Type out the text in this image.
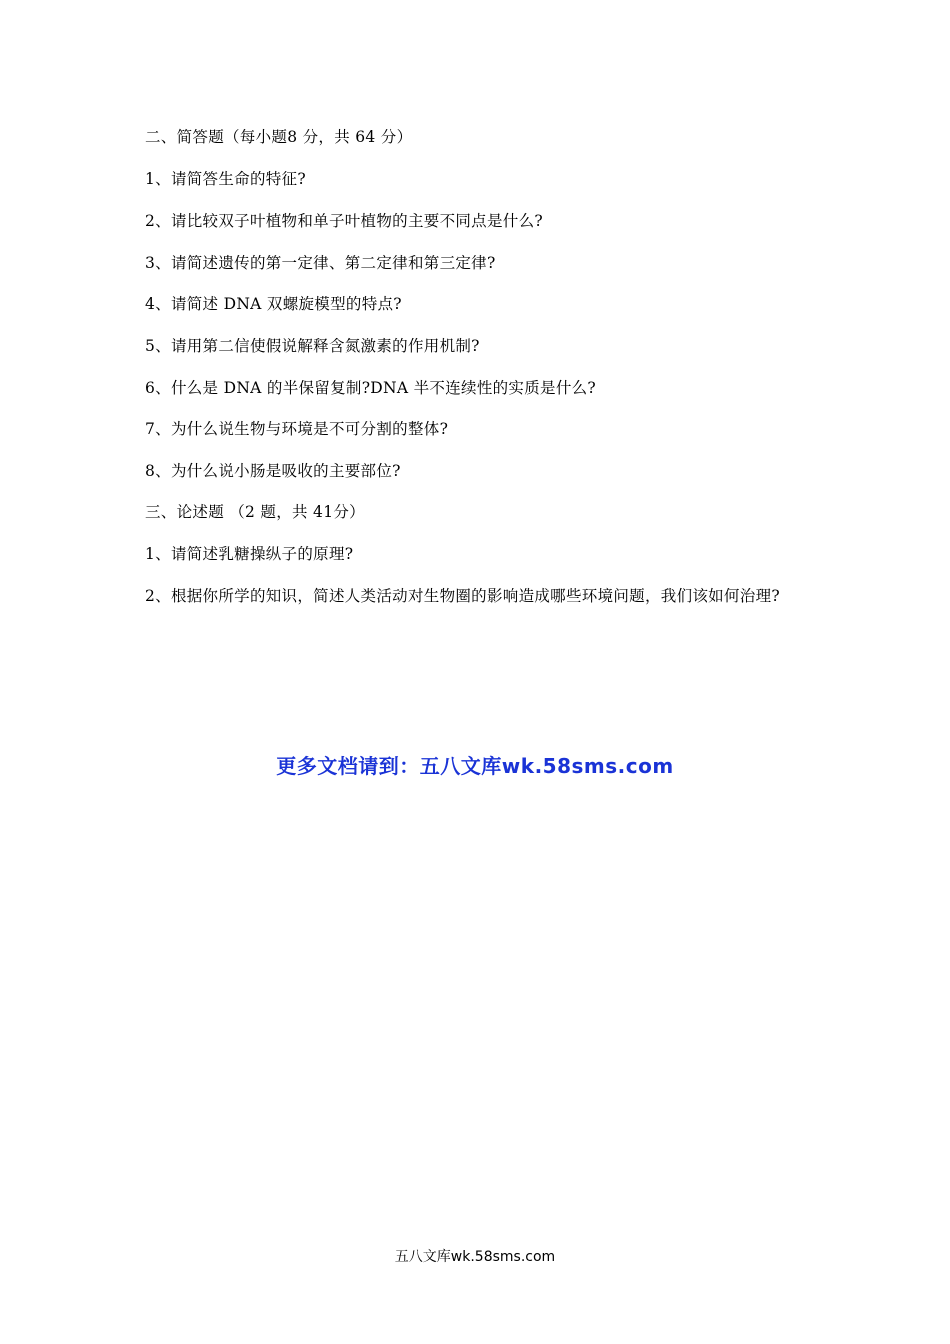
二、简答题（每小题8 分，共 64 分）
1、请简答生命的特征?
2、请比较双子叶植物和单子叶植物的主要不同点是什么?
3、请简述遗传的第一定律、第二定律和第三定律?
4、请简述 DNA 双螺旋模型的特点?
5、请用第二信使假说解释含氮激素的作用机制?
6、什么是 DNA 的半保留复制?DNA 半不连续性的实质是什么?
7、为什么说生物与环境是不可分割的整体?
8、为什么说小肠是吸收的主要部位?
三、论述题 （2 题，共 41分）
1、请简述乳糖操纵子的原理?
2、根据你所学的知识，简述人类活动对生物圈的影响造成哪些环境问题，我们该如何治理?
更多文档请到：五八文库wk.58sms.com
五八文库wk.58sms.com
